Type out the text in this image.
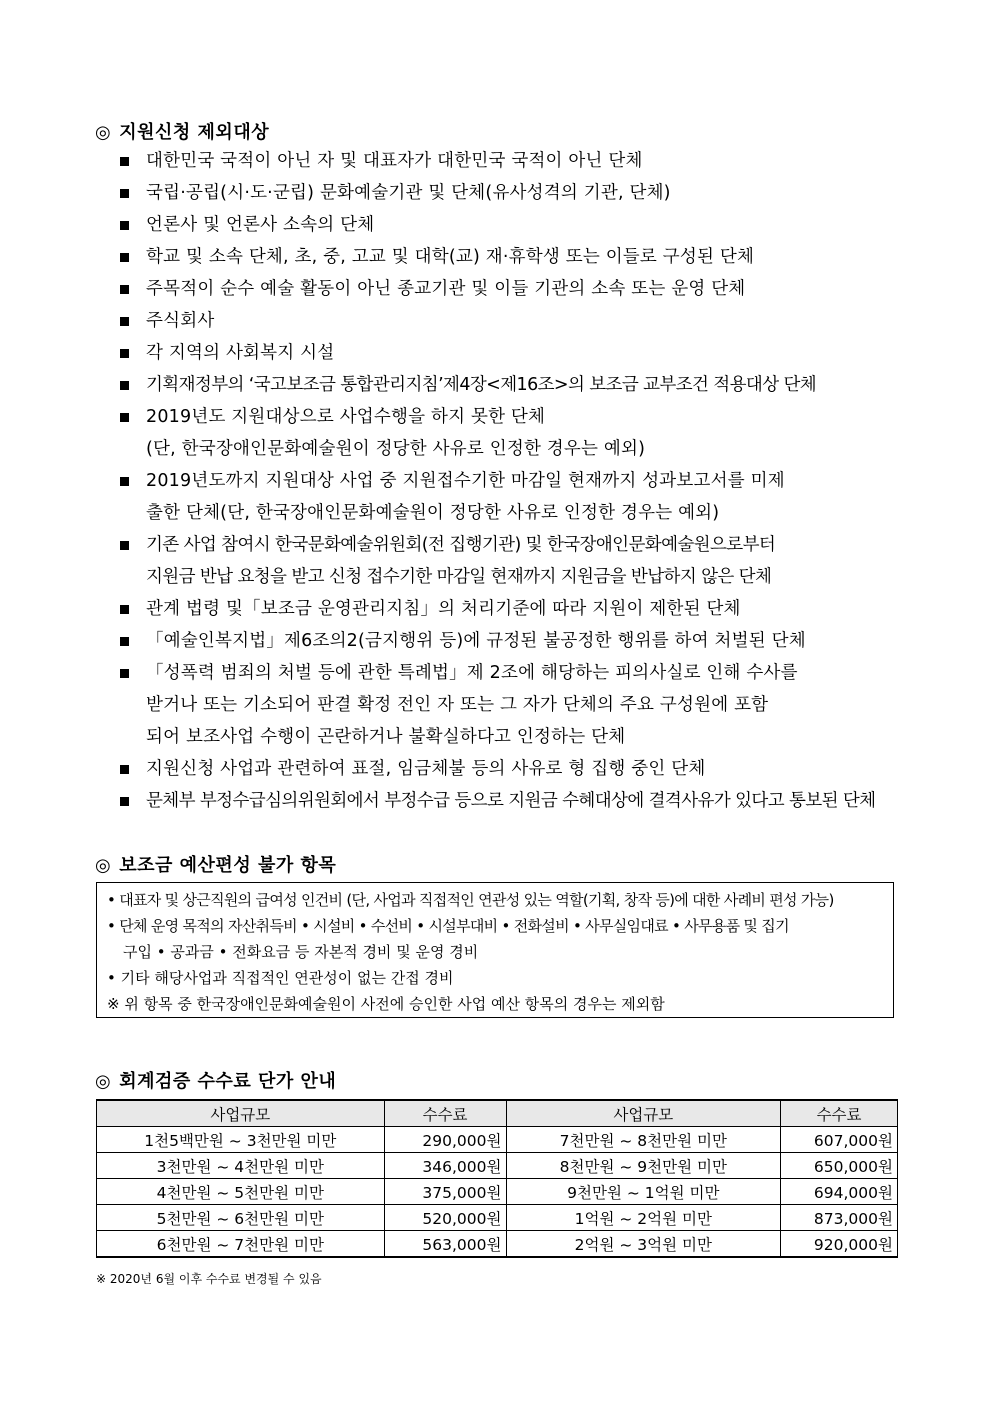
◎ 지원신청 제외대상
대한민국 국적이 아닌 자 및 대표자가 대한민국 국적이 아닌 단체
국립·공립(시·도·군립) 문화예술기관 및 단체(유사성격의 기관, 단체)
언론사 및 언론사 소속의 단체
학교 및 소속 단체, 초, 중, 고교 및 대학(교) 재·휴학생 또는 이들로 구성된 단체
주목적이 순수 예술 활동이 아닌 종교기관 및 이들 기관의 소속 또는 운영 단체
주식회사
각 지역의 사회복지 시설
기획재정부의 ‘국고보조금 통합관리지침’제4장<제16조>의 보조금 교부조건 적용대상 단체
2019년도 지원대상으로 사업수행을 하지 못한 단체
(단, 한국장애인문화예술원이 정당한 사유로 인정한 경우는 예외)
2019년도까지 지원대상 사업 중 지원접수기한 마감일 현재까지 성과보고서를 미제
출한 단체(단, 한국장애인문화예술원이 정당한 사유로 인정한 경우는 예외)
기존 사업 참여시 한국문화예술위원회(전 집행기관) 및 한국장애인문화예술원으로부터
지원금 반납 요청을 받고 신청 접수기한 마감일 현재까지 지원금을 반납하지 않은 단체
관계 법령 및「보조금 운영관리지침」의 처리기준에 따라 지원이 제한된 단체
「예술인복지법」제6조의2(금지행위 등)에 규정된 불공정한 행위를 하여 처벌된 단체
「성폭력 범죄의 처벌 등에 관한 특례법」제 2조에 해당하는 피의사실로 인해 수사를
받거나 또는 기소되어 판결 확정 전인 자 또는 그 자가 단체의 주요 구성원에 포함
되어 보조사업 수행이 곤란하거나 불확실하다고 인정하는 단체
지원신청 사업과 관련하여 표절, 임금체불 등의 사유로 형 집행 중인 단체
문체부 부정수급심의위원회에서 부정수급 등으로 지원금 수혜대상에 결격사유가 있다고 통보된 단체
◎ 보조금 예산편성 불가 항목
• 대표자 및 상근직원의 급여성 인건비 (단, 사업과 직접적인 연관성 있는 역할(기획, 창작 등)에 대한 사례비 편성 가능)
• 단체 운영 목적의 자산취득비 • 시설비 • 수선비 • 시설부대비 • 전화설비 • 사무실임대료 • 사무용품 및 집기
구입 • 공과금 • 전화요금 등 자본적 경비 및 운영 경비
• 기타 해당사업과 직접적인 연관성이 없는 간접 경비
※ 위 항목 중 한국장애인문화예술원이 사전에 승인한 사업 예산 항목의 경우는 제외함
◎ 회계검증 수수료 단가 안내
사업규모	수수료	사업규모	수수료
1천5백만원 ~ 3천만원 미만	290,000원	7천만원 ~ 8천만원 미만	607,000원
3천만원 ~ 4천만원 미만	346,000원	8천만원 ~ 9천만원 미만	650,000원
4천만원 ~ 5천만원 미만	375,000원	9천만원 ~ 1억원 미만	694,000원
5천만원 ~ 6천만원 미만	520,000원	1억원 ~ 2억원 미만	873,000원
6천만원 ~ 7천만원 미만	563,000원	2억원 ~ 3억원 미만	920,000원
※ 2020년 6월 이후 수수료 변경될 수 있음
